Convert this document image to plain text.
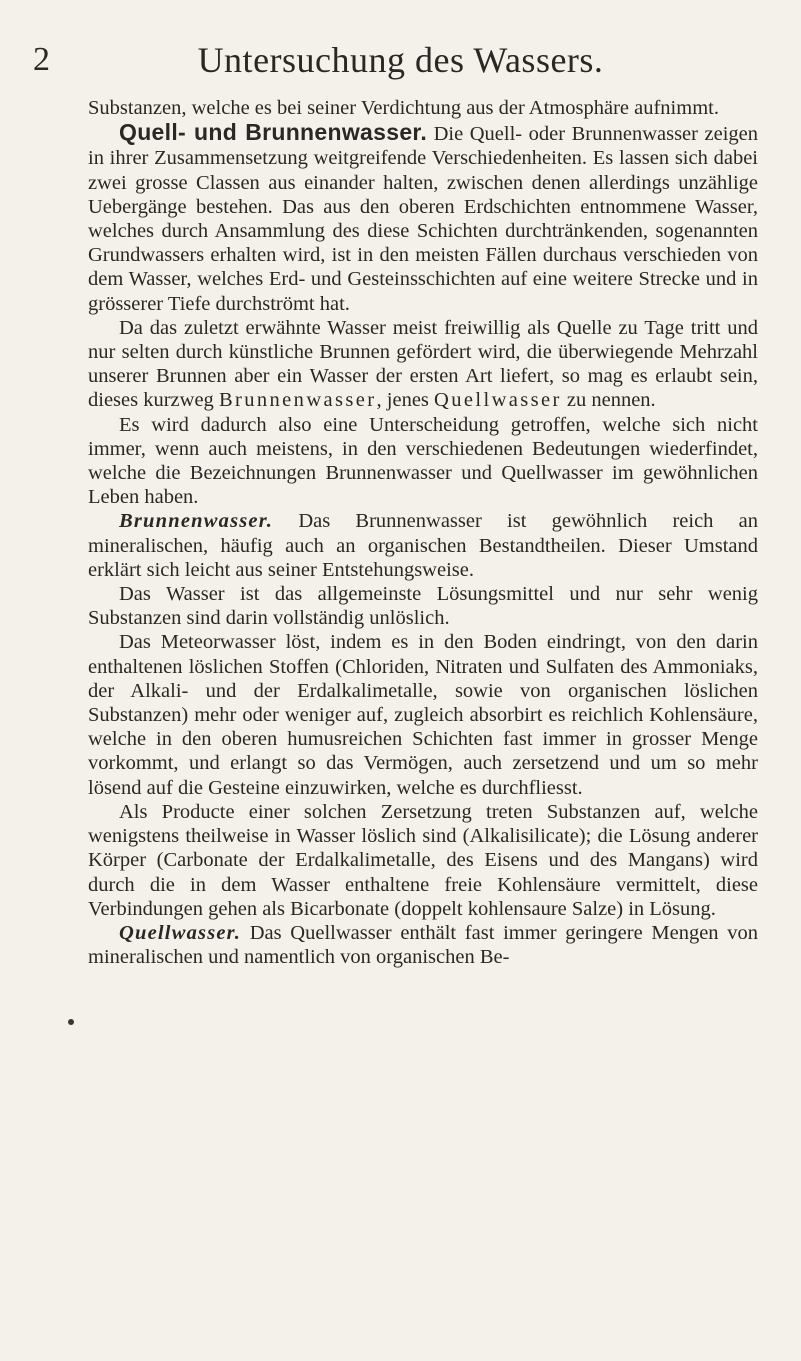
Untersuchung des Wassers.
2

Substanzen, welche es bei seiner Verdichtung aus der Atmosphäre aufnimmt.

Quell- und Brunnenwasser. Die Quell- oder Brunnenwasser zeigen in ihrer Zusammensetzung weitgreifende Verschiedenheiten. Es lassen sich dabei zwei grosse Classen aus einander halten, zwischen denen allerdings unzählige Uebergänge bestehen. Das aus den oberen Erdschichten entnommene Wasser, welches durch Ansammlung des diese Schichten durchtränkenden, sogenannten Grundwassers erhalten wird, ist in den meisten Fällen durchaus verschieden von dem Wasser, welches Erd- und Gesteinsschichten auf eine weitere Strecke und in grösserer Tiefe durchströmt hat.

Da das zuletzt erwähnte Wasser meist freiwillig als Quelle zu Tage tritt und nur selten durch künstliche Brunnen gefördert wird, die überwiegende Mehrzahl unserer Brunnen aber ein Wasser der ersten Art liefert, so mag es erlaubt sein, dieses kurzweg Brunnenwasser, jenes Quellwasser zu nennen.

Es wird dadurch also eine Unterscheidung getroffen, welche sich nicht immer, wenn auch meistens, in den verschiedenen Bedeutungen wiederfindet, welche die Bezeichnungen Brunnenwasser und Quellwasser im gewöhnlichen Leben haben.

Brunnenwasser. Das Brunnenwasser ist gewöhnlich reich an mineralischen, häufig auch an organischen Bestandtheilen. Dieser Umstand erklärt sich leicht aus seiner Entstehungsweise.

Das Wasser ist das allgemeinste Lösungsmittel und nur sehr wenig Substanzen sind darin vollständig unlöslich.

Das Meteorwasser löst, indem es in den Boden eindringt, von den darin enthaltenen löslichen Stoffen (Chloriden, Nitraten und Sulfaten des Ammoniaks, der Alkali- und der Erdalkalimetalle, sowie von organischen löslichen Substanzen) mehr oder weniger auf, zugleich absorbirt es reichlich Kohlensäure, welche in den oberen humusreichen Schichten fast immer in grosser Menge vorkommt, und erlangt so das Vermögen, auch zersetzend und um so mehr lösend auf die Gesteine einzuwirken, welche es durchfliesst.

Als Producte einer solchen Zersetzung treten Substanzen auf, welche wenigstens theilweise in Wasser löslich sind (Alkalisilicate); die Lösung anderer Körper (Carbonate der Erdalkalimetalle, des Eisens und des Mangans) wird durch die in dem Wasser enthaltene freie Kohlensäure vermittelt, diese Verbindungen gehen als Bicarbonate (doppelt kohlensaure Salze) in Lösung.

Quellwasser. Das Quellwasser enthält fast immer geringere Mengen von mineralischen und namentlich von organischen Be-
